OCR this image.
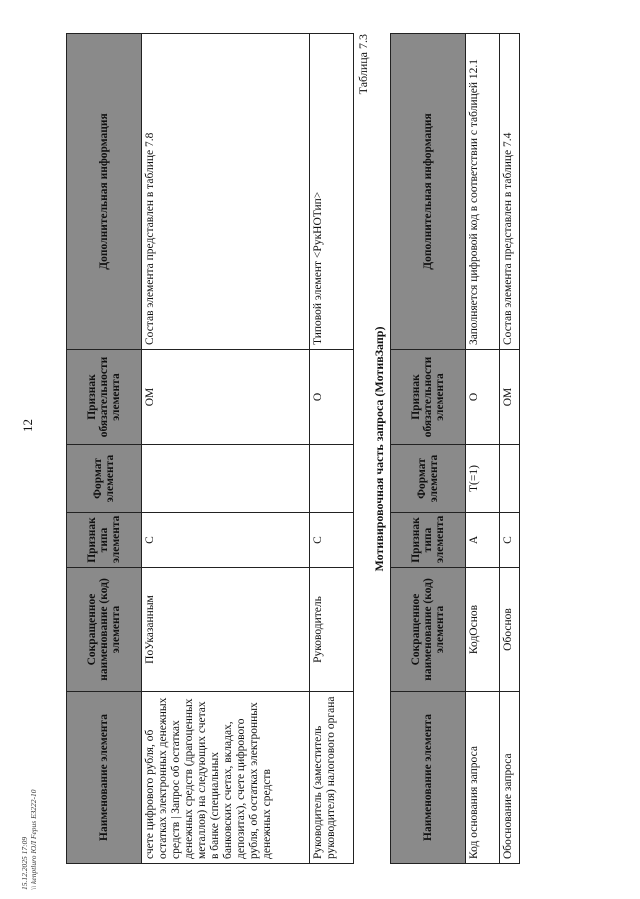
12
15.12.2025 17:09 \\ kenptluro ЮЛ Fepus ЕЗ222-10	Наименование элемента	Сокращенное наименование (код) элемента	Признак типа элемента	Формат элемента	Признак обязательности элемента	Дополнительная информация
счете цифрового рубля, об остатках электронных денежных средств | Запрос об остатках денежных средств (драгоценных металлов) на следующих счетах в банке (специальных банковских счетах, вкладах, депозитах), счете цифрового рубля, об остатках электронных денежных средств	ПоУказанным	С		ОМ	Состав элемента представлен в таблице 7.8
Руководитель (заместитель руководителя) налогового органа	Руководитель	С		О	Типовой элемент <РукНОТип>
Таблица 7.3
Мотивировочная часть запроса (МотивЗапр)
Наименование элемента	Сокращенное наименование (код) элемента	Признак типа элемента	Формат элемента	Признак обязательности элемента	Дополнительная информация
Код основания запроса	КодОснов	А	T(=1)	О	Заполняется цифровой код в соответствии с таблицей 12.1
Обоснование запроса	Обоснов	С		ОМ	Состав элемента представлен в таблице 7.4
